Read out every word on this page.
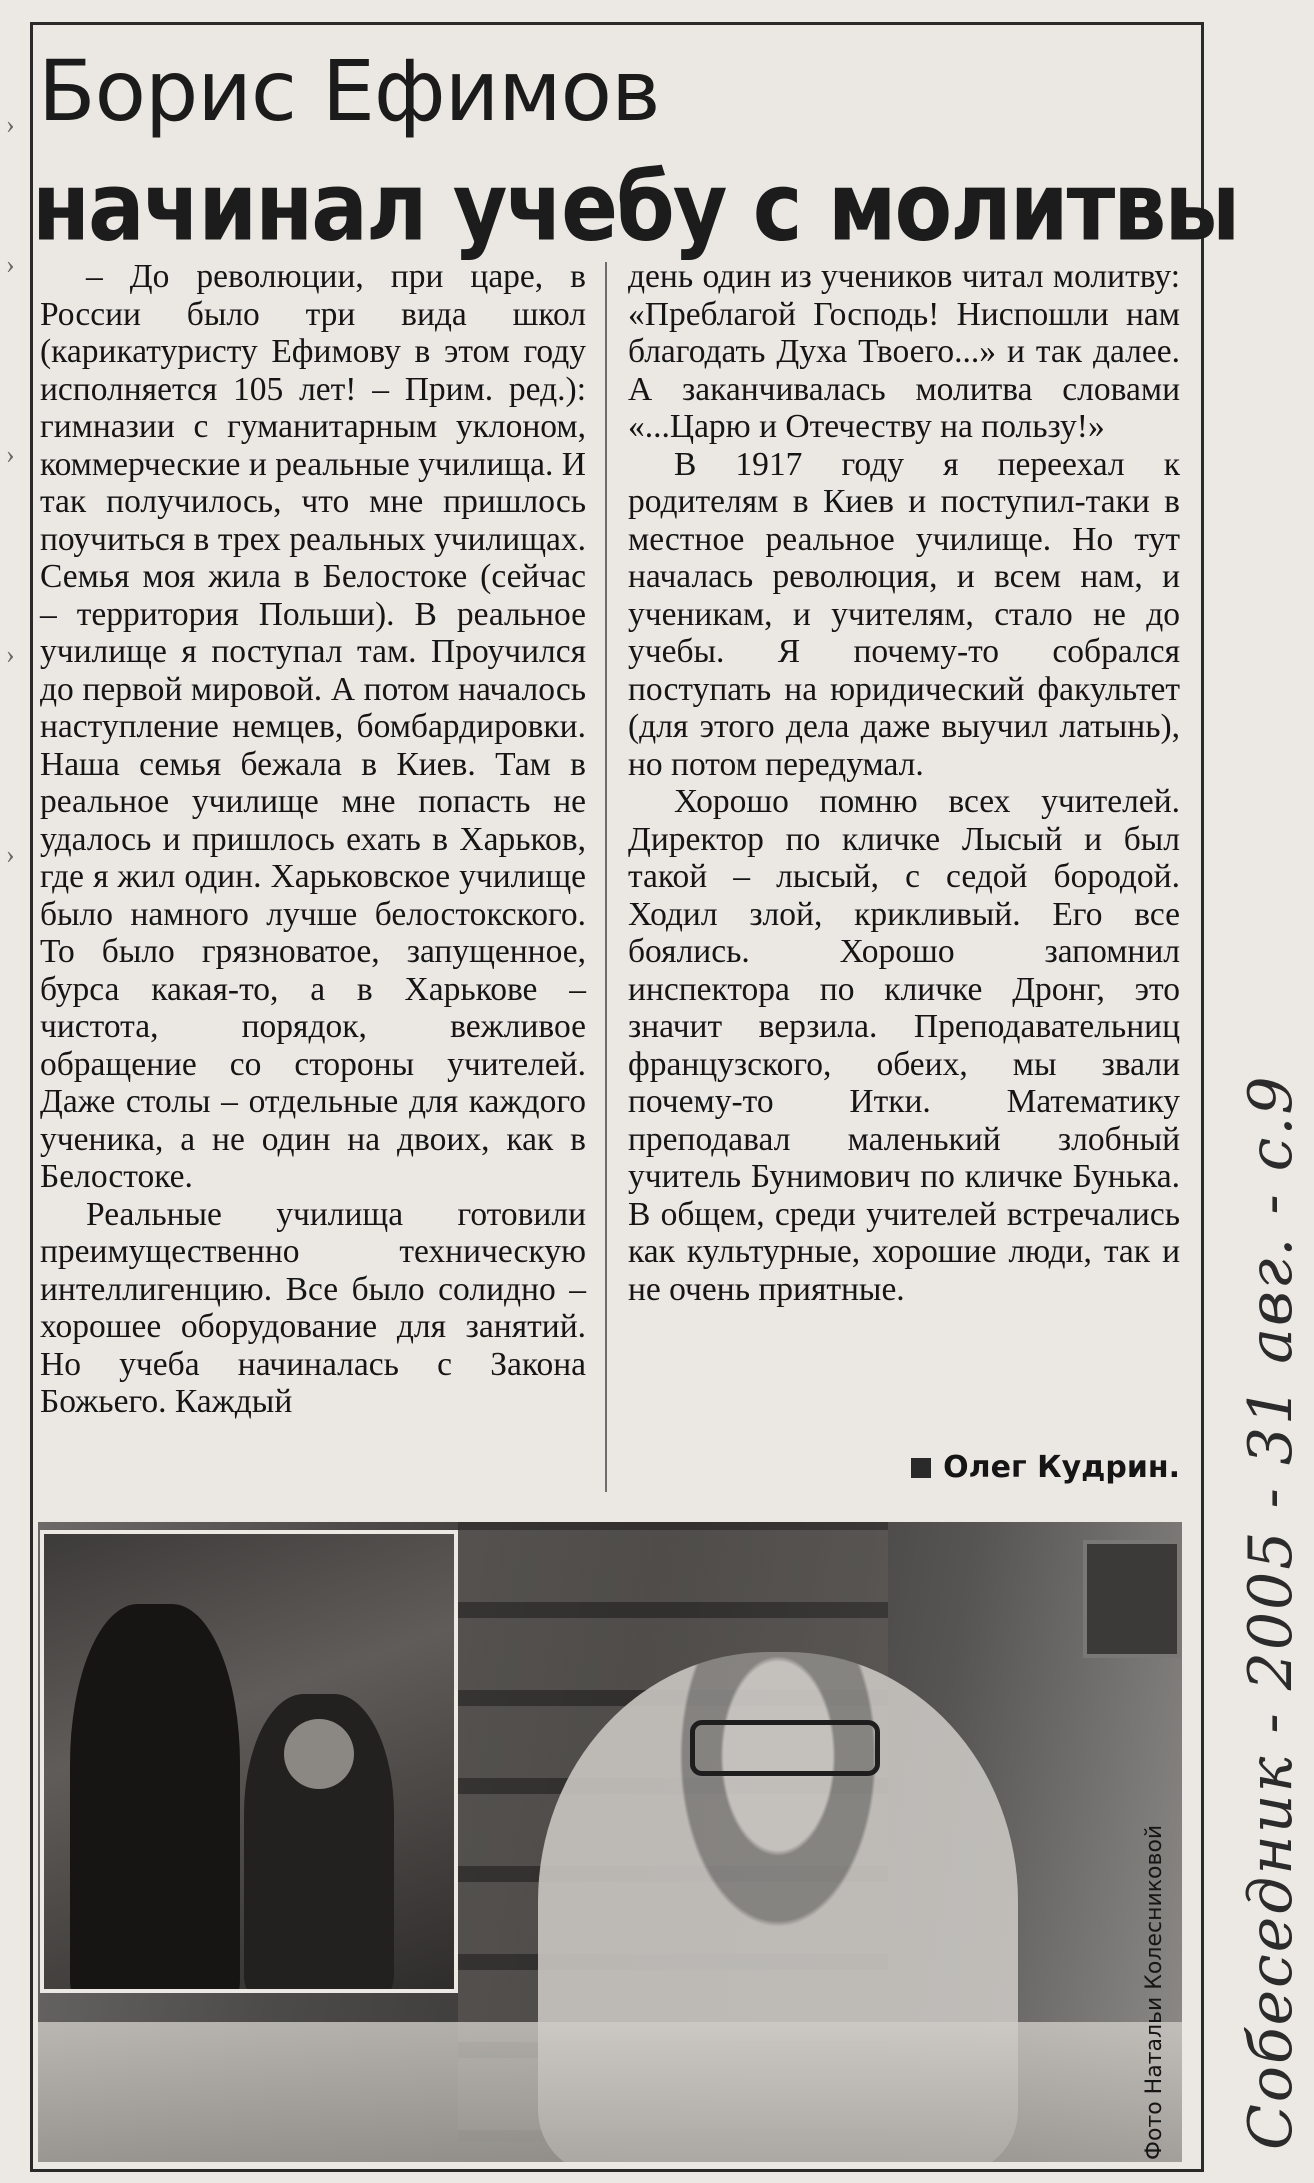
›
›
›
›
›
Борис Ефимов
начинал учебу с молитвы

– До революции, при царе, в России было три вида школ (карикатуристу Ефимову в этом году исполняется 105 лет! – Прим. ред.): гимназии с гуманитарным уклоном, коммерческие и реальные училища. И так получилось, что мне пришлось поучиться в трех реальных училищах. Семья моя жила в Белостоке (сейчас – территория Польши). В реальное училище я поступал там. Проучился до первой мировой. А потом началось наступление немцев, бомбардировки. Наша семья бежала в Киев. Там в реальное училище мне попасть не удалось и пришлось ехать в Харьков, где я жил один. Харьковское училище было намного лучше белостокского. То было грязноватое, запущенное, бурса какая-то, а в Харькове – чистота, порядок, вежливое обращение со стороны учителей. Даже столы – отдельные для каждого ученика, а не один на двоих, как в Белостоке.

Реальные училища готовили преимущественно техническую интеллигенцию. Все было солидно – хорошее оборудование для занятий. Но учеба начиналась с Закона Божьего. Каждый

день один из учеников читал молитву: «Преблагой Господь! Ниспошли нам благодать Духа Твоего...» и так далее. А заканчивалась молитва словами «...Царю и Отечеству на пользу!»

В 1917 году я переехал к родителям в Киев и поступил-таки в местное реальное училище. Но тут началась революция, и всем нам, и ученикам, и учителям, стало не до учебы. Я почему-то собрался поступать на юридический факультет (для этого дела даже выучил латынь), но потом передумал.

Хорошо помню всех учителей. Директор по кличке Лысый и был такой – лысый, с седой бородой. Ходил злой, крикливый. Его все боялись. Хорошо запомнил инспектора по кличке Дронг, это значит верзила. Преподавательниц французского, обеих, мы звали почему-то Итки. Математику преподавал маленький злобный учитель Бунимович по кличке Бунька. В общем, среди учителей встречались как культурные, хорошие люди, так и не очень приятные.

Олег Кудрин.
Фото Натальи Колесниковой Собеседник - 2005 - 31 авг. - с.9
